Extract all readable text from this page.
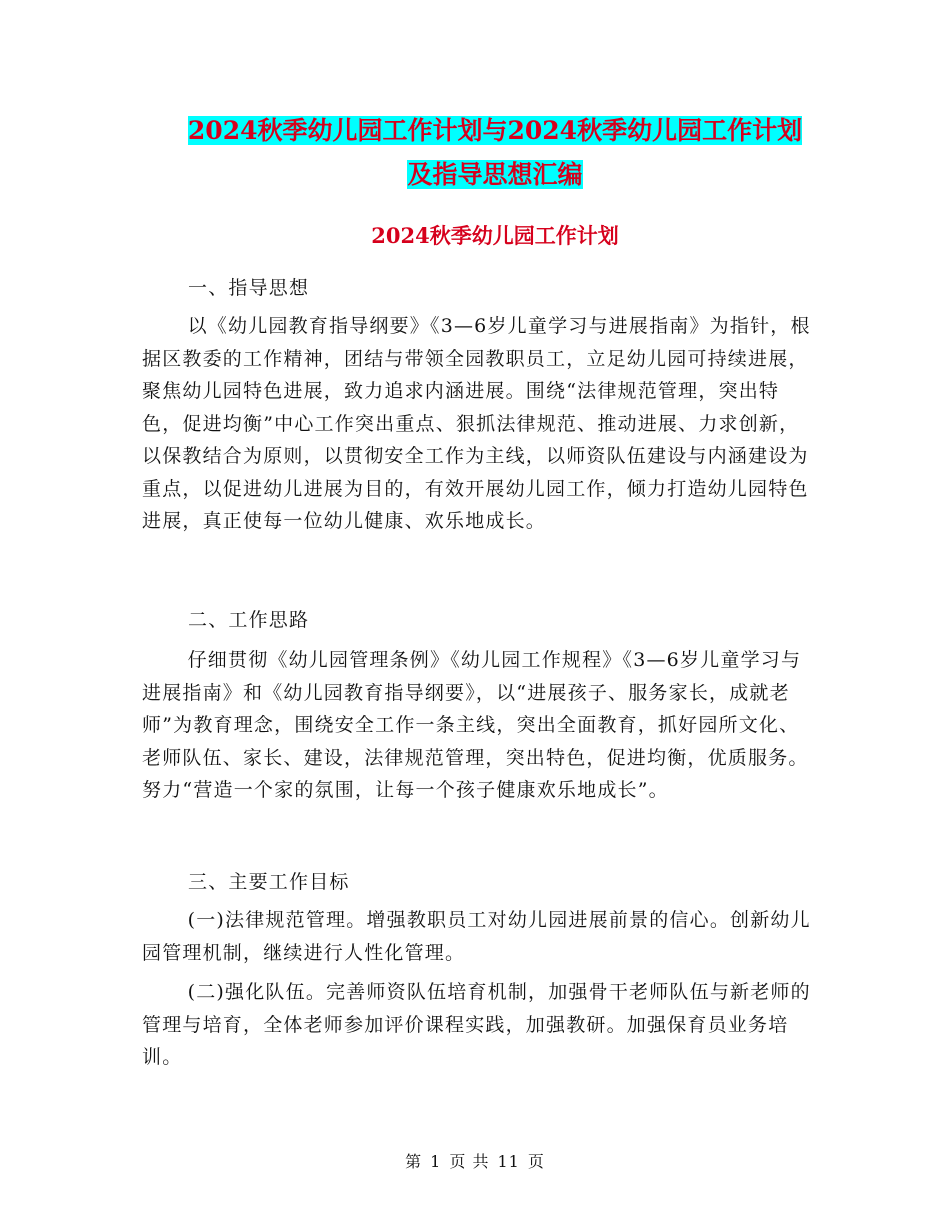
2024秋季幼儿园工作计划与2024秋季幼儿园工作计划
及指导思想汇编
2024秋季幼儿园工作计划
一、指导思想
以《幼儿园教育指导纲要》《3—6岁儿童学习与进展指南》为指针，根据区教委的工作精神，团结与带领全园教职员工，立足幼儿园可持续进展，聚焦幼儿园特色进展，致力追求内涵进展。围绕“法律规范管理，突出特色，促进均衡”中心工作突出重点、狠抓法律规范、推动进展、力求创新，以保教结合为原则，以贯彻安全工作为主线，以师资队伍建设与内涵建设为重点，以促进幼儿进展为目的，有效开展幼儿园工作，倾力打造幼儿园特色进展，真正使每一位幼儿健康、欢乐地成长。
二、工作思路
仔细贯彻《幼儿园管理条例》《幼儿园工作规程》《3—6岁儿童学习与进展指南》和《幼儿园教育指导纲要》，以“进展孩子、服务家长，成就老师”为教育理念，围绕安全工作一条主线，突出全面教育，抓好园所文化、老师队伍、家长、建设，法律规范管理，突出特色，促进均衡，优质服务。努力“营造一个家的氛围，让每一个孩子健康欢乐地成长”。
三、主要工作目标
(一)法律规范管理。增强教职员工对幼儿园进展前景的信心。创新幼儿园管理机制，继续进行人性化管理。
(二)强化队伍。完善师资队伍培育机制，加强骨干老师队伍与新老师的管理与培育，全体老师参加评价课程实践，加强教研。加强保育员业务培训。
第 1 页 共 11 页
